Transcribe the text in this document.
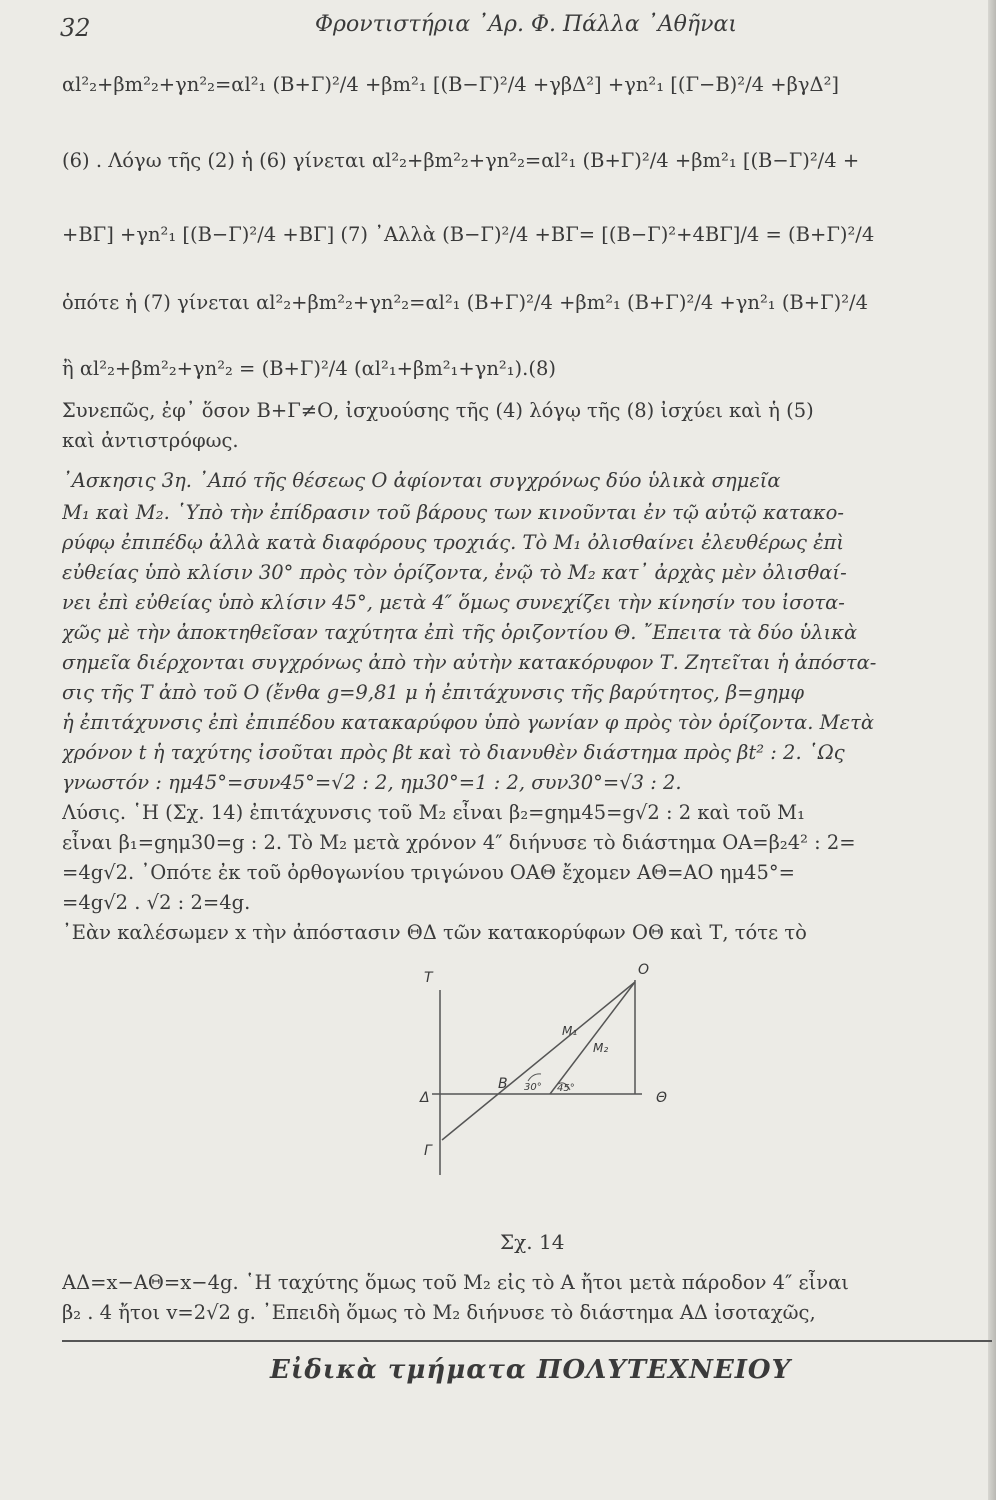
32	Φροντιστήρια ᾽Αρ. Φ. Πάλλα ᾽Αθῆναι
αl²₂+βm²₂+γn²₂=αl²₁ (Β+Γ)²/4 +βm²₁ [(Β−Γ)²/4 +γβΔ²] +γn²₁ [(Γ−Β)²/4 +βγΔ²]
(6) . Λόγω τῆς (2) ἡ (6) γίνεται αl²₂+βm²₂+γn²₂=αl²₁ (Β+Γ)²/4 +βm²₁ [(Β−Γ)²/4 +
+ΒΓ] +γn²₁ [(Β−Γ)²/4 +ΒΓ] (7) ᾽Αλλὰ (Β−Γ)²/4 +ΒΓ= [(Β−Γ)²+4ΒΓ]/4 = (Β+Γ)²/4
ὁπότε ἡ (7) γίνεται αl²₂+βm²₂+γn²₂=αl²₁ (Β+Γ)²/4 +βm²₁ (Β+Γ)²/4 +γn²₁ (Β+Γ)²/4
ἢ αl²₂+βm²₂+γn²₂ = (Β+Γ)²/4 (αl²₁+βm²₁+γn²₁).(8)
Συνεπῶς, ἐφ᾽ ὅσον Β+Γ≠Ο, ἰσχυούσης τῆς (4) λόγῳ τῆς (8) ἰσχύει καὶ ἡ (5)
καὶ ἀντιστρόφως.
᾽Ασκησις 3η. ᾽Από τῆς θέσεως Ο ἀφίονται συγχρόνως δύο ὑλικὰ σημεῖα
Μ₁ καὶ Μ₂. ῾Υπὸ τὴν ἐπίδρασιν τοῦ βάρους των κινοῦνται ἐν τῷ αὐτῷ κατακο-
ρύφῳ ἐπιπέδῳ ἀλλὰ κατὰ διαφόρους τροχιάς. Τὸ Μ₁ ὀλισθαίνει ἐλευθέρως ἐπὶ
εὐθείας ὑπὸ κλίσιν 30° πρὸς τὸν ὁρίζοντα, ἐνῷ τὸ Μ₂ κατ᾽ ἀρχὰς μὲν ὀλισθαί-
νει ἐπὶ εὐθείας ὑπὸ κλίσιν 45°, μετὰ 4″ ὅμως συνεχίζει τὴν κίνησίν του ἰσοτα-
χῶς μὲ τὴν ἀποκτηθεῖσαν ταχύτητα ἐπὶ τῆς ὁριζοντίου Θ. ῎Επειτα τὰ δύο ὑλικὰ
σημεῖα διέρχονται συγχρόνως ἀπὸ τὴν αὐτὴν κατακόρυφον Τ. Ζητεῖται ἡ ἀπόστα-
σις τῆς Τ ἀπὸ τοῦ Ο (ἔνθα g=9,81 μ ἡ ἐπιτάχυνσις τῆς βαρύτητος, β=gημφ
ἡ ἐπιτάχυνσις ἐπὶ ἐπιπέδου κατακαρύφου ὑπὸ γωνίαν φ πρὸς τὸν ὁρίζοντα. Μετὰ
χρόνον t ἡ ταχύτης ἰσοῦται πρὸς βt καὶ τὸ διανυθὲν διάστημα πρὸς βt² : 2. ῾Ως
γνωστόν : ημ45°=συν45°=√2 : 2, ημ30°=1 : 2, συν30°=√3 : 2.
Λύσις. ῾Η (Σχ. 14) ἐπιτάχυνσις τοῦ Μ₂ εἶναι β₂=gημ45=g√2 : 2 καὶ τοῦ Μ₁
εἶναι β₁=gημ30=g : 2. Τὸ Μ₂ μετὰ χρόνον 4″ διήνυσε τὸ διάστημα ΟΑ=β₂4² : 2=
=4g√2. ᾽Οπότε ἐκ τοῦ ὀρθογωνίου τριγώνου ΟΑΘ ἔχομεν ΑΘ=ΑΟ ημ45°=
=4g√2 . √2 : 2=4g.
᾽Εὰν καλέσωμεν x τὴν ἀπόστασιν ΘΔ τῶν κατακορύφων ΟΘ καὶ Τ, τότε τὸ
T	O
Δ	Θ
B
Γ
M₁
M₂
30° 45°
Σχ. 14
ΑΔ=x−ΑΘ=x−4g. ῾Η ταχύτης ὅμως τοῦ Μ₂ εἰς τὸ Α ἤτοι μετὰ πάροδον 4″ εἶναι
β₂ . 4 ἤτοι v=2√2 g. ᾽Επειδὴ ὅμως τὸ Μ₂ διήνυσε τὸ διάστημα ΑΔ ἰσοταχῶς,
Εἰδικὰ τμήματα ΠΟΛΥΤΕΧΝΕΙΟΥ
